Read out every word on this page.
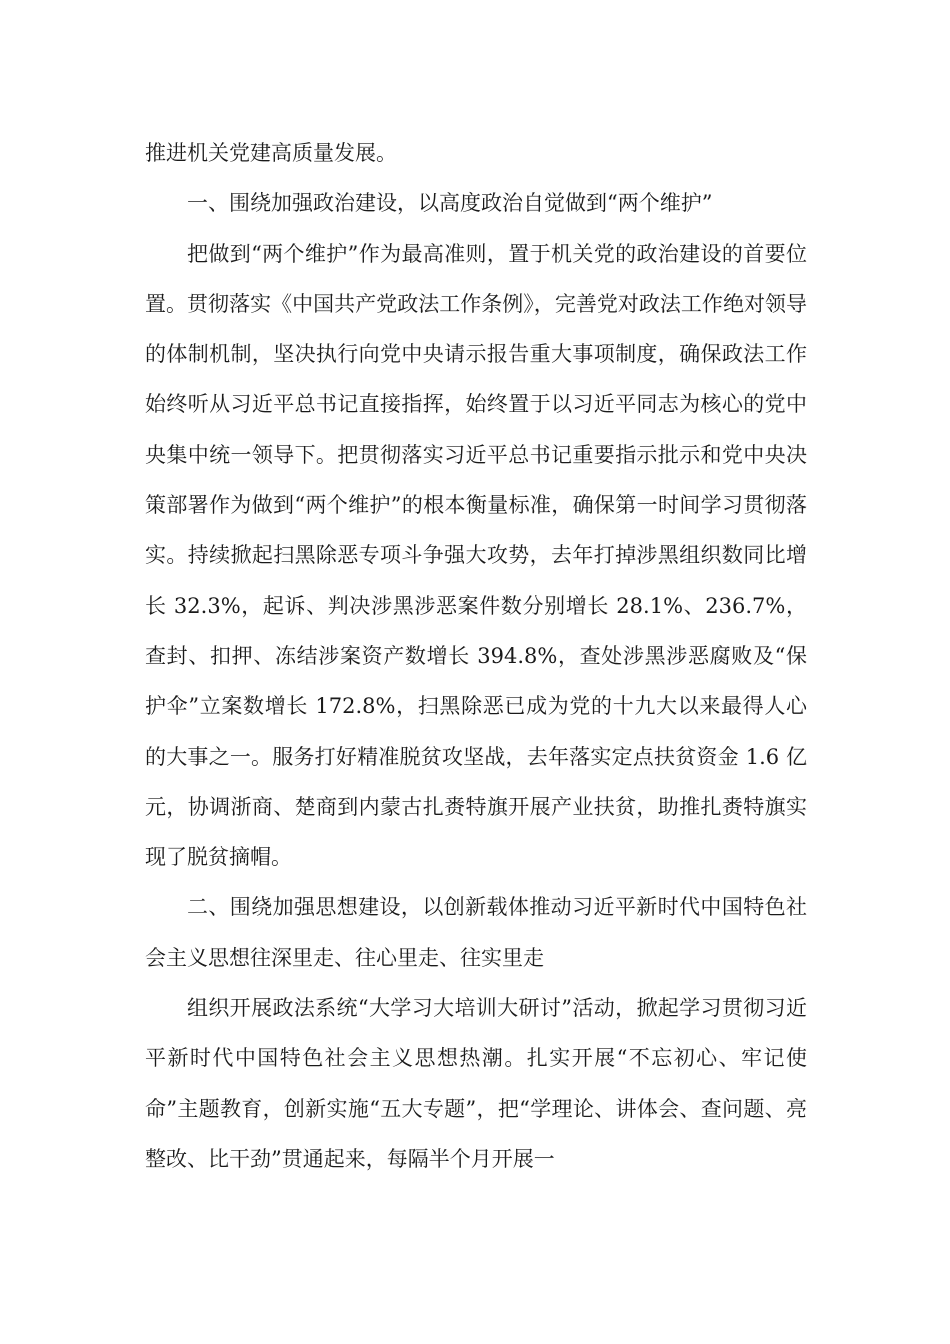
推进机关党建高质量发展。

一、围绕加强政治建设，以高度政治自觉做到“两个维护”

把做到“两个维护”作为最高准则，置于机关党的政治建设的首要位置。贯彻落实《中国共产党政法工作条例》，完善党对政法工作绝对领导的体制机制，坚决执行向党中央请示报告重大事项制度，确保政法工作始终听从习近平总书记直接指挥，始终置于以习近平同志为核心的党中央集中统一领导下。把贯彻落实习近平总书记重要指示批示和党中央决策部署作为做到“两个维护”的根本衡量标准，确保第一时间学习贯彻落实。持续掀起扫黑除恶专项斗争强大攻势，去年打掉涉黑组织数同比增长 32.3%，起诉、判决涉黑涉恶案件数分别增长 28.1%、236.7%，查封、扣押、冻结涉案资产数增长 394.8%，查处涉黑涉恶腐败及“保护伞”立案数增长 172.8%，扫黑除恶已成为党的十九大以来最得人心的大事之一。服务打好精准脱贫攻坚战，去年落实定点扶贫资金 1.6 亿元，协调浙商、楚商到内蒙古扎赉特旗开展产业扶贫，助推扎赉特旗实现了脱贫摘帽。

二、围绕加强思想建设，以创新载体推动习近平新时代中国特色社会主义思想往深里走、往心里走、往实里走

组织开展政法系统“大学习大培训大研讨”活动，掀起学习贯彻习近平新时代中国特色社会主义思想热潮。扎实开展“不忘初心、牢记使命”主题教育，创新实施“五大专题”，把“学理论、讲体会、查问题、亮整改、比干劲”贯通起来，每隔半个月开展一
